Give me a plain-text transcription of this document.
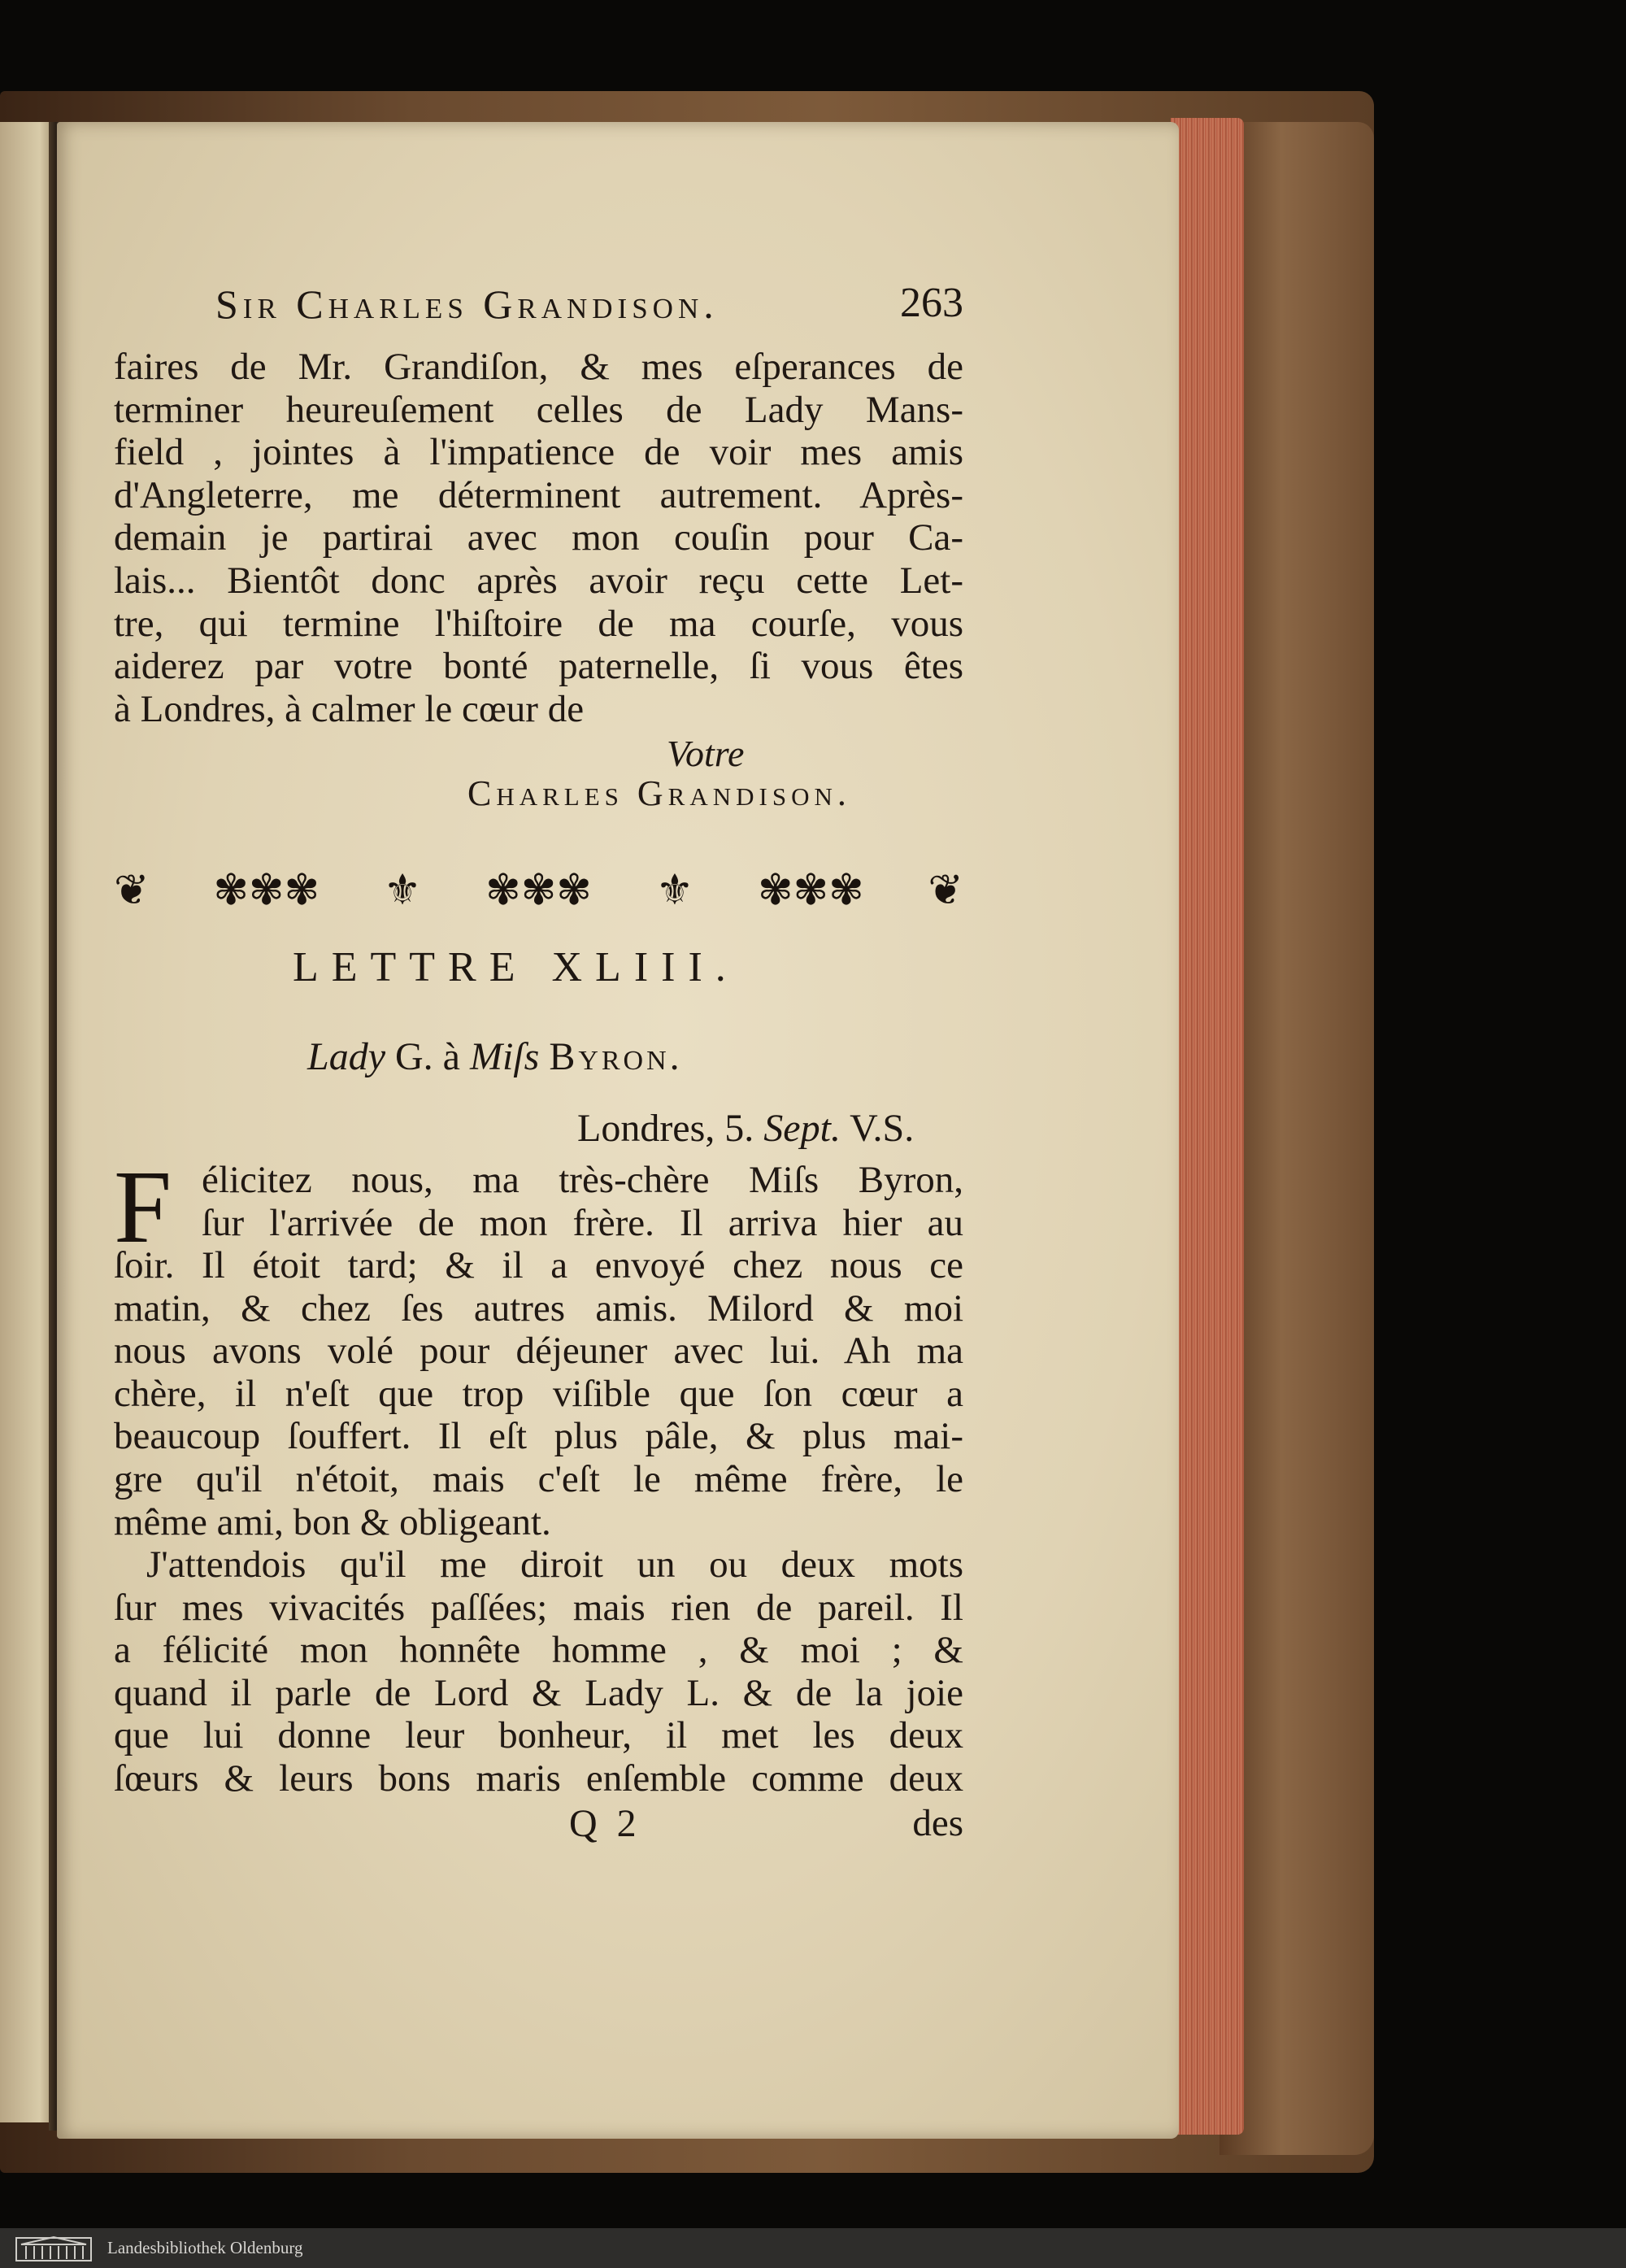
Sir Charles Grandison.	263
faires de Mr. Grandiſon, & mes eſperances de
terminer heureuſement celles de Lady Mans-
field , jointes à l'impatience de voir mes amis
d'Angleterre, me déterminent autrement. Après-
demain je partirai avec mon couſin pour Ca-
lais... Bientôt donc après avoir reçu cette Let-
tre, qui termine l'hiſtoire de ma courſe, vous
aiderez par votre bonté paternelle, ſi vous êtes
à Londres, à calmer le cœur de
Votre
Charles Grandison.
❦ ✾✾✾ ⚜ ✾✾✾ ⚜ ✾✾✾ ❦
LETTRE XLIII.
Lady G. à Miſs Byron.
Londres, 5. Sept. V.S.
F élicitez nous, ma très-chère Miſs Byron,
ſur l'arrivée de mon frère. Il arriva hier au
ſoir. Il étoit tard; & il a envoyé chez nous ce
matin, & chez ſes autres amis. Milord & moi
nous avons volé pour déjeuner avec lui. Ah ma
chère, il n'eſt que trop viſible que ſon cœur a
beaucoup ſouffert. Il eſt plus pâle, & plus mai-
gre qu'il n'étoit, mais c'eſt le même frère, le
même ami, bon & obligeant.
J'attendois qu'il me diroit un ou deux mots
ſur mes vivacités paſſées; mais rien de pareil. Il
a félicité mon honnête homme , & moi ; &
quand il parle de Lord & Lady L. & de la joie
que lui donne leur bonheur, il met les deux
ſœurs & leurs bons maris enſemble comme deux
Q 2	des
Landesbibliothek Oldenburg
